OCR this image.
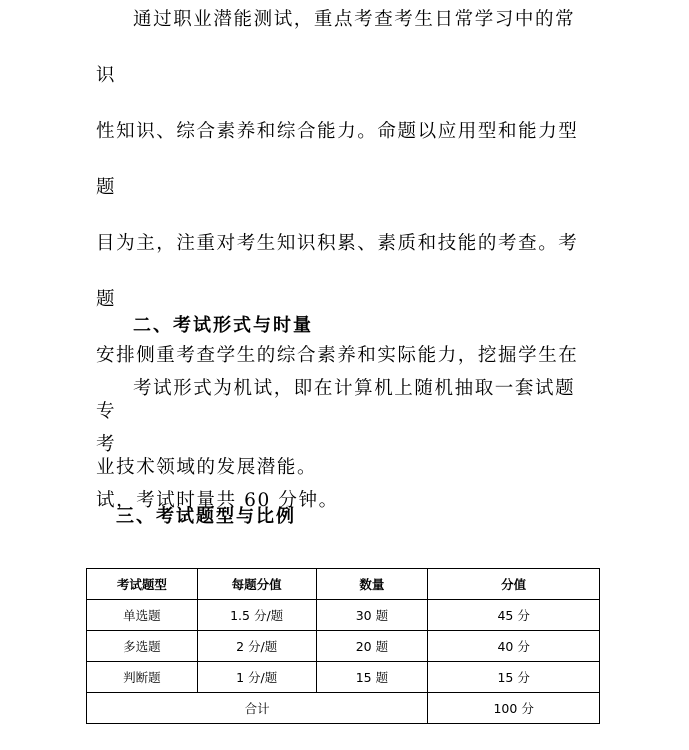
通过职业潜能测试，重点考查考生日常学习中的常识
性知识、综合素养和综合能力。命题以应用型和能力型题
目为主，注重对考生知识积累、素质和技能的考查。考题
安排侧重考查学生的综合素养和实际能力，挖掘学生在专
业技术领域的发展潜能。

二、考试形式与时量

考试形式为机试，即在计算机上随机抽取一套试题考
试，考试时量共 60 分钟。

三、考试题型与比例
考试题型	每题分值	数量	分值
单选题	1.5 分/题	30 题	45 分
多选题	2 分/题	20 题	40 分
判断题	1 分/题	15 题	15 分
合计			100 分
